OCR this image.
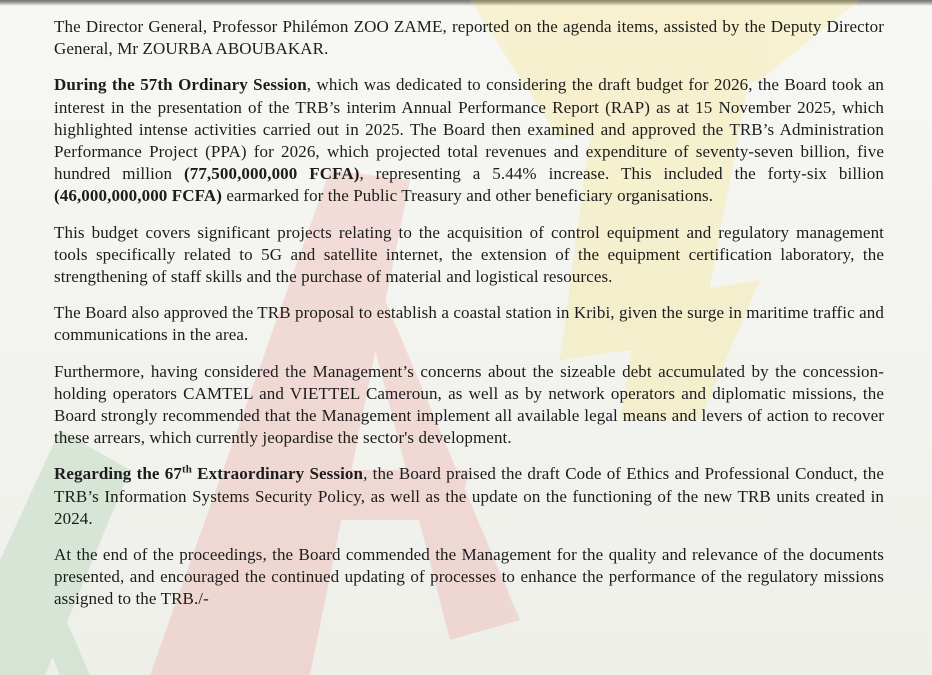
The Director General, Professor Philémon ZOO ZAME, reported on the agenda items, assisted by the Deputy Director General, Mr ZOURBA ABOUBAKAR.

During the 57th Ordinary Session, which was dedicated to considering the draft budget for 2026, the Board took an interest in the presentation of the TRB’s interim Annual Performance Report (RAP) as at 15 November 2025, which highlighted intense activities carried out in 2025. The Board then examined and approved the TRB’s Administration Performance Project (PPA) for 2026, which projected total revenues and expenditure of seventy-seven billion, five hundred million (77,500,000,000 FCFA), representing a 5.44% increase. This included the forty-six billion (46,000,000,000 FCFA) earmarked for the Public Treasury and other beneficiary organisations.

This budget covers significant projects relating to the acquisition of control equipment and regulatory management tools specifically related to 5G and satellite internet, the extension of the equipment certification laboratory, the strengthening of staff skills and the purchase of material and logistical resources.

The Board also approved the TRB proposal to establish a coastal station in Kribi, given the surge in maritime traffic and communications in the area.

Furthermore, having considered the Management’s concerns about the sizeable debt accumulated by the concession-holding operators CAMTEL and VIETTEL Cameroun, as well as by network operators and diplomatic missions, the Board strongly recommended that the Management implement all available legal means and levers of action to recover these arrears, which currently jeopardise the sector's development.

Regarding the 67th Extraordinary Session, the Board praised the draft Code of Ethics and Professional Conduct, the TRB’s Information Systems Security Policy, as well as the update on the functioning of the new TRB units created in 2024.

At the end of the proceedings, the Board commended the Management for the quality and relevance of the documents presented, and encouraged the continued updating of processes to enhance the performance of the regulatory missions assigned to the TRB./-
